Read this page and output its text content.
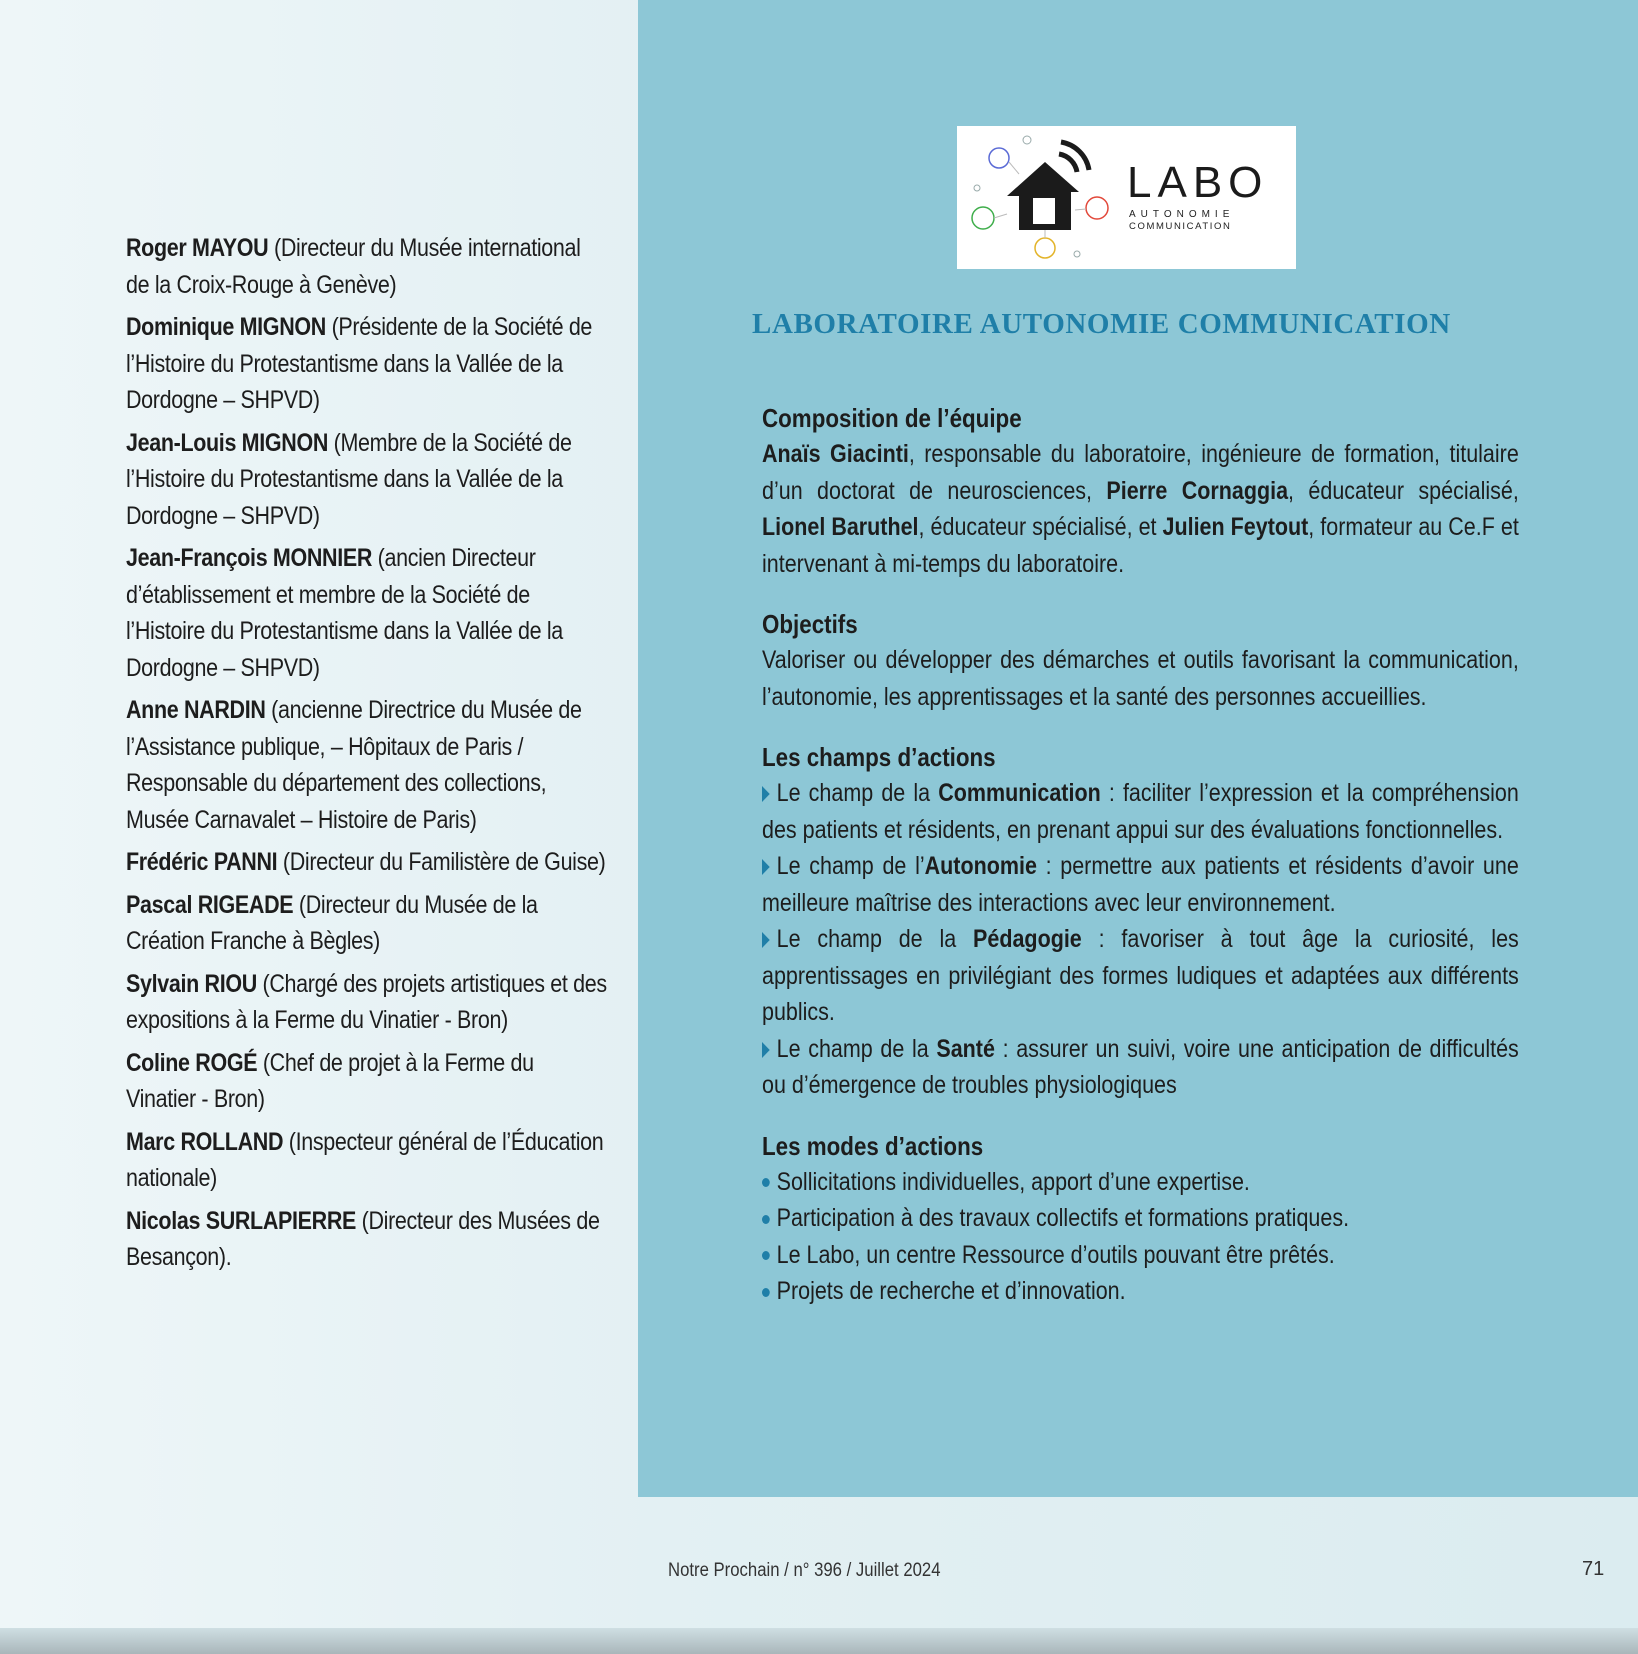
Roger MAYOU (Directeur du Musée international de la Croix-Rouge à Genève)
Dominique MIGNON (Présidente de la Société de l’Histoire du Protestantisme dans la Vallée de la Dordogne – SHPVD)
Jean-Louis MIGNON (Membre de la Société de l’Histoire du Protestantisme dans la Vallée de la Dordogne – SHPVD)
Jean-François MONNIER (ancien Directeur d’établissement et membre de la Société de l’Histoire du Protestantisme dans la Vallée de la Dordogne – SHPVD)
Anne NARDIN (ancienne Directrice du Musée de l’Assistance publique, – Hôpitaux de Paris / Responsable du département des collections, Musée Carnavalet – Histoire de Paris)
Frédéric PANNI (Directeur du Familistère de Guise)
Pascal RIGEADE (Directeur du Musée de la Création Franche à Bègles)
Sylvain RIOU (Chargé des projets artistiques et des expositions à la Ferme du Vinatier - Bron)
Coline ROGÉ (Chef de projet à la Ferme du Vinatier - Bron)
Marc ROLLAND (Inspecteur général de l’Éducation nationale)
Nicolas SURLAPIERRE (Directeur des Musées de Besançon).
LABO
AUTONOMIE
COMMUNICATION
LABORATOIRE AUTONOMIE COMMUNICATION
Composition de l’équipe

Anaïs Giacinti, responsable du laboratoire, ingénieure de formation, titulaire d’un doctorat de neurosciences, Pierre Cornaggia, éducateur spécialisé, Lionel Baruthel, éducateur spécialisé, et Julien Feytout, formateur au Ce.F et intervenant à mi-temps du laboratoire.

Objectifs

Valoriser ou développer des démarches et outils favorisant la communication, l’autonomie, les apprentissages et la santé des personnes accueillies.

Les champs d’actions
Le champ de la Communication : faciliter l’expression et la compréhension des patients et résidents, en prenant appui sur des évaluations fonctionnelles.
Le champ de l’Autonomie : permettre aux patients et résidents d’avoir une meilleure maîtrise des interactions avec leur environnement.
Le champ de la Pédagogie : favoriser à tout âge la curiosité, les apprentissages en privilégiant des formes ludiques et adaptées aux différents publics.
Le champ de la Santé : assurer un suivi, voire une anticipation de difficultés ou d’émergence de troubles physiologiques
Les modes d’actions
Sollicitations individuelles, apport d’une expertise.
Participation à des travaux collectifs et formations pratiques.
Le Labo, un centre Ressource d’outils pouvant être prêtés.
Projets de recherche et d’innovation.
Notre Prochain / n° 396 / Juillet 2024	71
